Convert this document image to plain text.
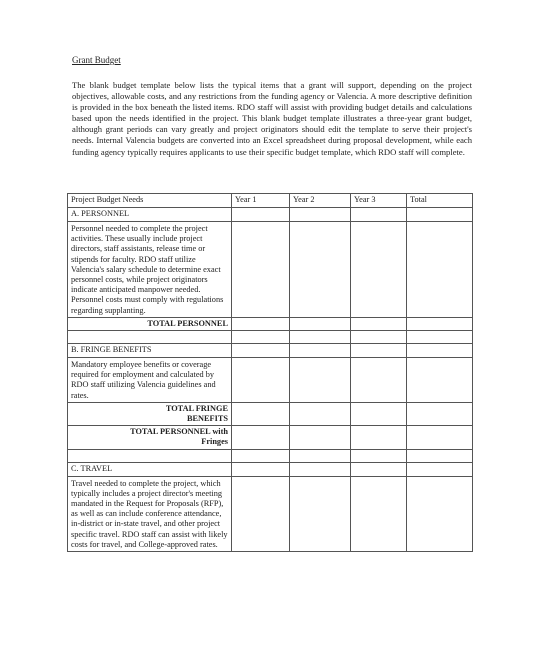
Grant Budget
The blank budget template below lists the typical items that a grant will support, depending on the project objectives, allowable costs, and any restrictions from the funding agency or Valencia. A more descriptive definition is provided in the box beneath the listed items. RDO staff will assist with providing budget details and calculations based upon the needs identified in the project. This blank budget template illustrates a three-year grant budget, although grant periods can vary greatly and project originators should edit the template to serve their project's needs. Internal Valencia budgets are converted into an Excel spreadsheet during proposal development, while each funding agency typically requires applicants to use their specific budget template, which RDO staff will complete.
Project Budget Needs	Year 1	Year 2	Year 3	Total
A. PERSONNEL				
Personnel needed to complete the project activities. These usually include project directors, staff assistants, release time or stipends for faculty. RDO staff utilize Valencia's salary schedule to determine exact personnel costs, while project originators indicate anticipated manpower needed. Personnel costs must comply with regulations regarding supplanting.				
TOTAL PERSONNEL				

B. FRINGE BENEFITS				
Mandatory employee benefits or coverage required for employment and calculated by RDO staff utilizing Valencia guidelines and rates.				
TOTAL FRINGE BENEFITS				
TOTAL PERSONNEL with Fringes				

C. TRAVEL				
Travel needed to complete the project, which typically includes a project director's meeting mandated in the Request for Proposals (RFP), as well as can include conference attendance, in-district or in-state travel, and other project specific travel. RDO staff can assist with likely costs for travel, and College-approved rates.				
